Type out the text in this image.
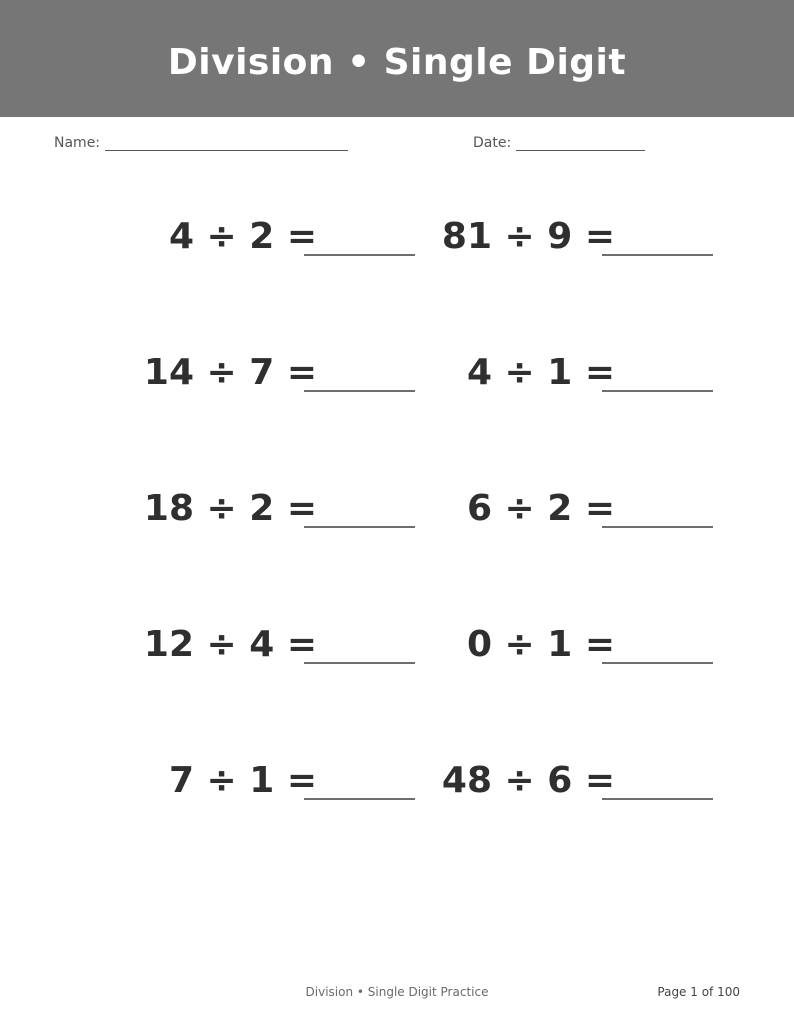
Division • Single Digit
Name:	Date:
4 ÷ 2 =	81 ÷ 9 =
14 ÷ 7 =	4 ÷ 1 =
18 ÷ 2 =	6 ÷ 2 =
12 ÷ 4 =	0 ÷ 1 =
7 ÷ 1 =	48 ÷ 6 =
Division • Single Digit Practice	Page 1 of 100
